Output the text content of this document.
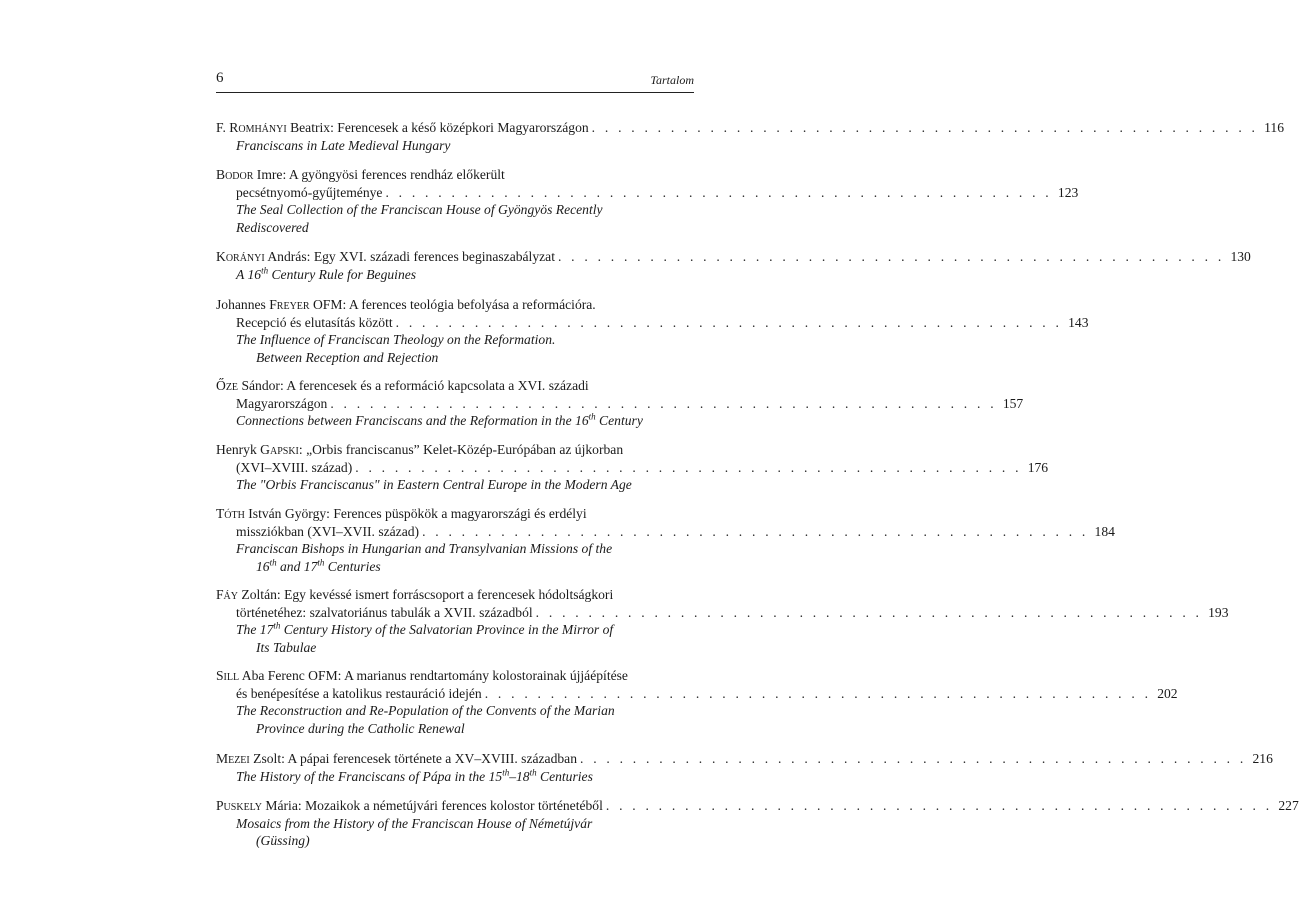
6	Tartalom
F. Romhányi Beatrix: Ferencesek a késő középkori Magyarországon . . . . . . . . . . . . . . . . . . . . . . . . . . . . . . . . . . . . . . . . . . . . . . . . . . . 116
Franciscans in Late Medieval Hungary
Bodor Imre: A gyöngyösi ferences rendház előkerült
pecsétnyomó-gyűjteménye . . . . . . . . . . . . . . . . . . . . . . . . . . . . . . . . . . . . . . . . . . . . . . . . . . . 123
The Seal Collection of the Franciscan House of Gyöngyös Recently
Rediscovered
Korányi András: Egy XVI. századi ferences beginaszabályzat . . . . . . . . . . . . . . . . . . . . . . . . . . . . . . . . . . . . . . . . . . . . . . . . . . . 130
A 16th Century Rule for Beguines
Johannes Freyer OFM: A ferences teológia befolyása a reformációra.
Recepció és elutasítás között . . . . . . . . . . . . . . . . . . . . . . . . . . . . . . . . . . . . . . . . . . . . . . . . . . . 143
The Influence of Franciscan Theology on the Reformation.
Between Reception and Rejection
Őze Sándor: A ferencesek és a reformáció kapcsolata a XVI. századi
Magyarországon . . . . . . . . . . . . . . . . . . . . . . . . . . . . . . . . . . . . . . . . . . . . . . . . . . . 157
Connections between Franciscans and the Reformation in the 16th Century
Henryk Gapski: „Orbis franciscanus” Kelet-Közép-Európában az újkorban
(XVI–XVIII. század) . . . . . . . . . . . . . . . . . . . . . . . . . . . . . . . . . . . . . . . . . . . . . . . . . . . 176
The "Orbis Franciscanus" in Eastern Central Europe in the Modern Age
Tóth István György: Ferences püspökök a magyarországi és erdélyi
missziókban (XVI–XVII. század) . . . . . . . . . . . . . . . . . . . . . . . . . . . . . . . . . . . . . . . . . . . . . . . . . . . 184
Franciscan Bishops in Hungarian and Transylvanian Missions of the
16th and 17th Centuries
Fáy Zoltán: Egy kevéssé ismert forráscsoport a ferencesek hódoltságkori
történetéhez: szalvatoriánus tabulák a XVII. századból . . . . . . . . . . . . . . . . . . . . . . . . . . . . . . . . . . . . . . . . . . . . . . . . . . . 193
The 17th Century History of the Salvatorian Province in the Mirror of
Its Tabulae
Sill Aba Ferenc OFM: A marianus rendtartomány kolostorainak újjáépítése
és benépesítése a katolikus restauráció idején . . . . . . . . . . . . . . . . . . . . . . . . . . . . . . . . . . . . . . . . . . . . . . . . . . . 202
The Reconstruction and Re-Population of the Convents of the Marian
Province during the Catholic Renewal
Mezei Zsolt: A pápai ferencesek története a XV–XVIII. században . . . . . . . . . . . . . . . . . . . . . . . . . . . . . . . . . . . . . . . . . . . . . . . . . . . 216
The History of the Franciscans of Pápa in the 15th–18th Centuries
Puskely Mária: Mozaikok a németújvári ferences kolostor történetéből . . . . . . . . . . . . . . . . . . . . . . . . . . . . . . . . . . . . . . . . . . . . . . . . . . . 227
Mosaics from the History of the Franciscan House of Németújvár
(Güssing)
